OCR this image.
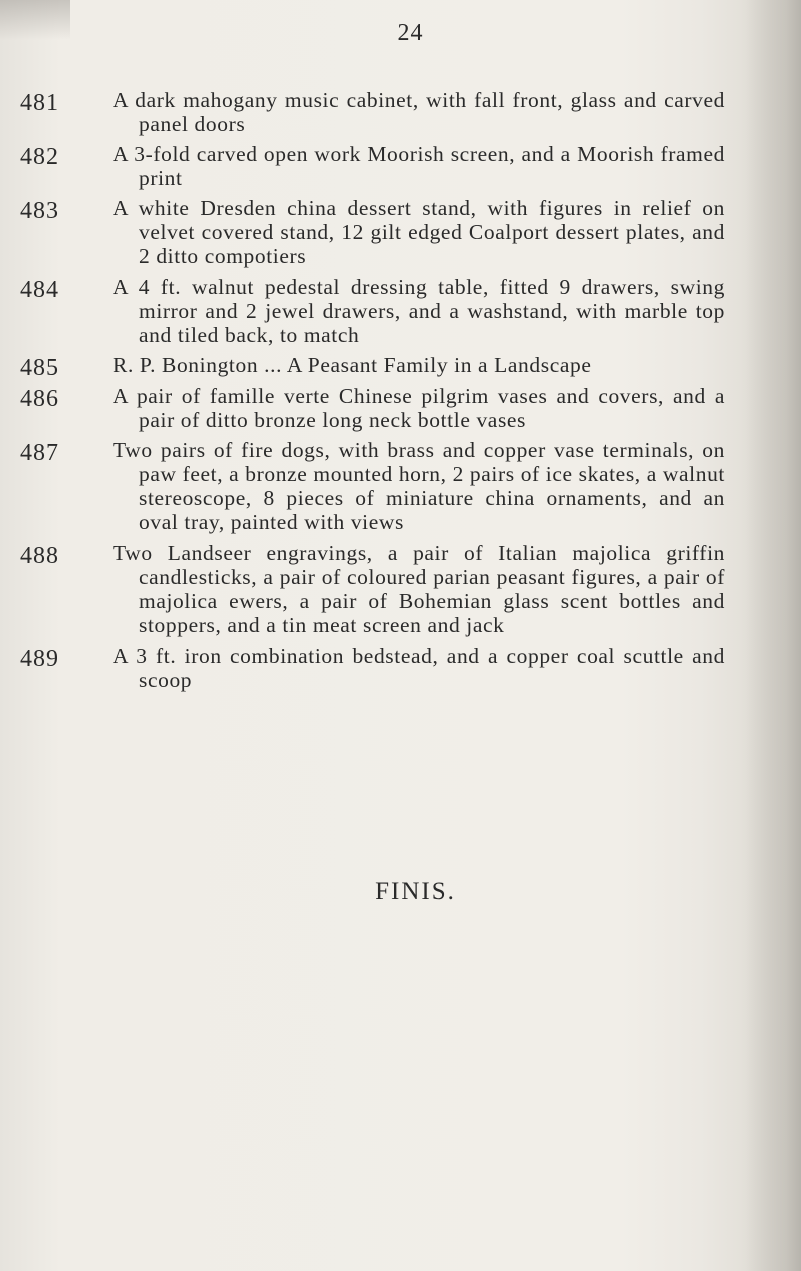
24
481	A dark mahogany music cabinet, with fall front, glass and carved panel doors
482	A 3-fold carved open work Moorish screen, and a Moorish framed print
483	A white Dresden china dessert stand, with figures in relief on velvet covered stand, 12 gilt edged Coalport dessert plates, and 2 ditto compotiers
484	A 4 ft. walnut pedestal dressing table, fitted 9 drawers, swing mirror and 2 jewel drawers, and a washstand, with marble top and tiled back, to match
485	R. P. Bonington ... A Peasant Family in a Landscape
486	A pair of famille verte Chinese pilgrim vases and covers, and a pair of ditto bronze long neck bottle vases
487	Two pairs of fire dogs, with brass and copper vase terminals, on paw feet, a bronze mounted horn, 2 pairs of ice skates, a walnut stereoscope, 8 pieces of miniature china ornaments, and an oval tray, painted with views
488	Two Landseer engravings, a pair of Italian majolica griffin candlesticks, a pair of coloured parian peasant figures, a pair of majolica ewers, a pair of Bohemian glass scent bottles and stoppers, and a tin meat screen and jack
489	A 3 ft. iron combination bedstead, and a copper coal scuttle and scoop
FINIS.
